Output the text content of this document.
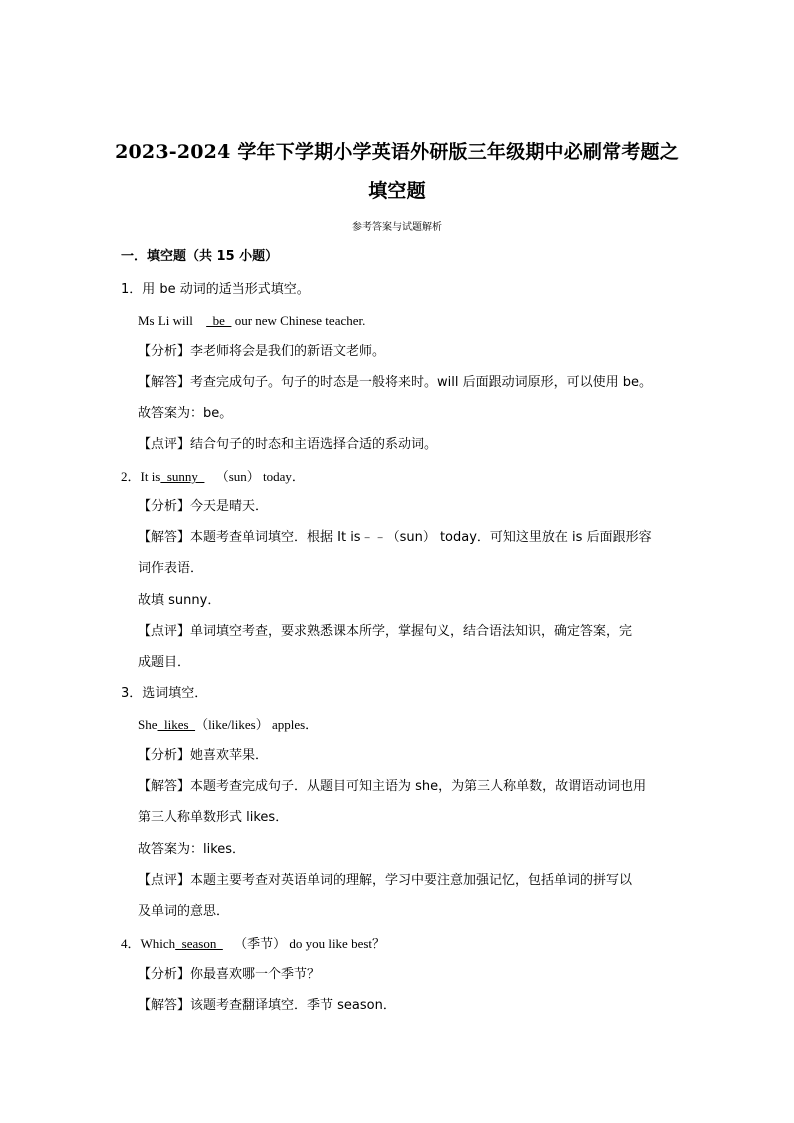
2023-2024 学年下学期小学英语外研版三年级期中必刷常考题之
填空题
参考答案与试题解析
一．填空题（共 15 小题）
1．用 be 动词的适当形式填空。
Ms Li will   be   our new Chinese teacher.
【分析】李老师将会是我们的新语文老师。
【解答】考查完成句子。句子的时态是一般将来时。will 后面跟动词原形，可以使用 be。
故答案为：be。
【点评】结合句子的时态和主语选择合适的系动词。
2．It is  sunny   （sun） today．
【分析】今天是晴天．
【解答】本题考查单词填空．根据 It is﹣﹣（sun） today．可知这里放在 is 后面跟形容
词作表语．
故填 sunny．
【点评】单词填空考查，要求熟悉课本所学，掌握句义，结合语法知识，确定答案，完
成题目．
3．选词填空．
She  likes  （like/likes） apples．
【分析】她喜欢苹果．
【解答】本题考查完成句子．从题目可知主语为 she，为第三人称单数，故谓语动词也用
第三人称单数形式 likes．
故答案为：likes．
【点评】本题主要考查对英语单词的理解，学习中要注意加强记忆，包括单词的拼写以
及单词的意思．
4．Which  season   （季节） do you like best？
【分析】你最喜欢哪一个季节？
【解答】该题考查翻译填空．季节 season．
